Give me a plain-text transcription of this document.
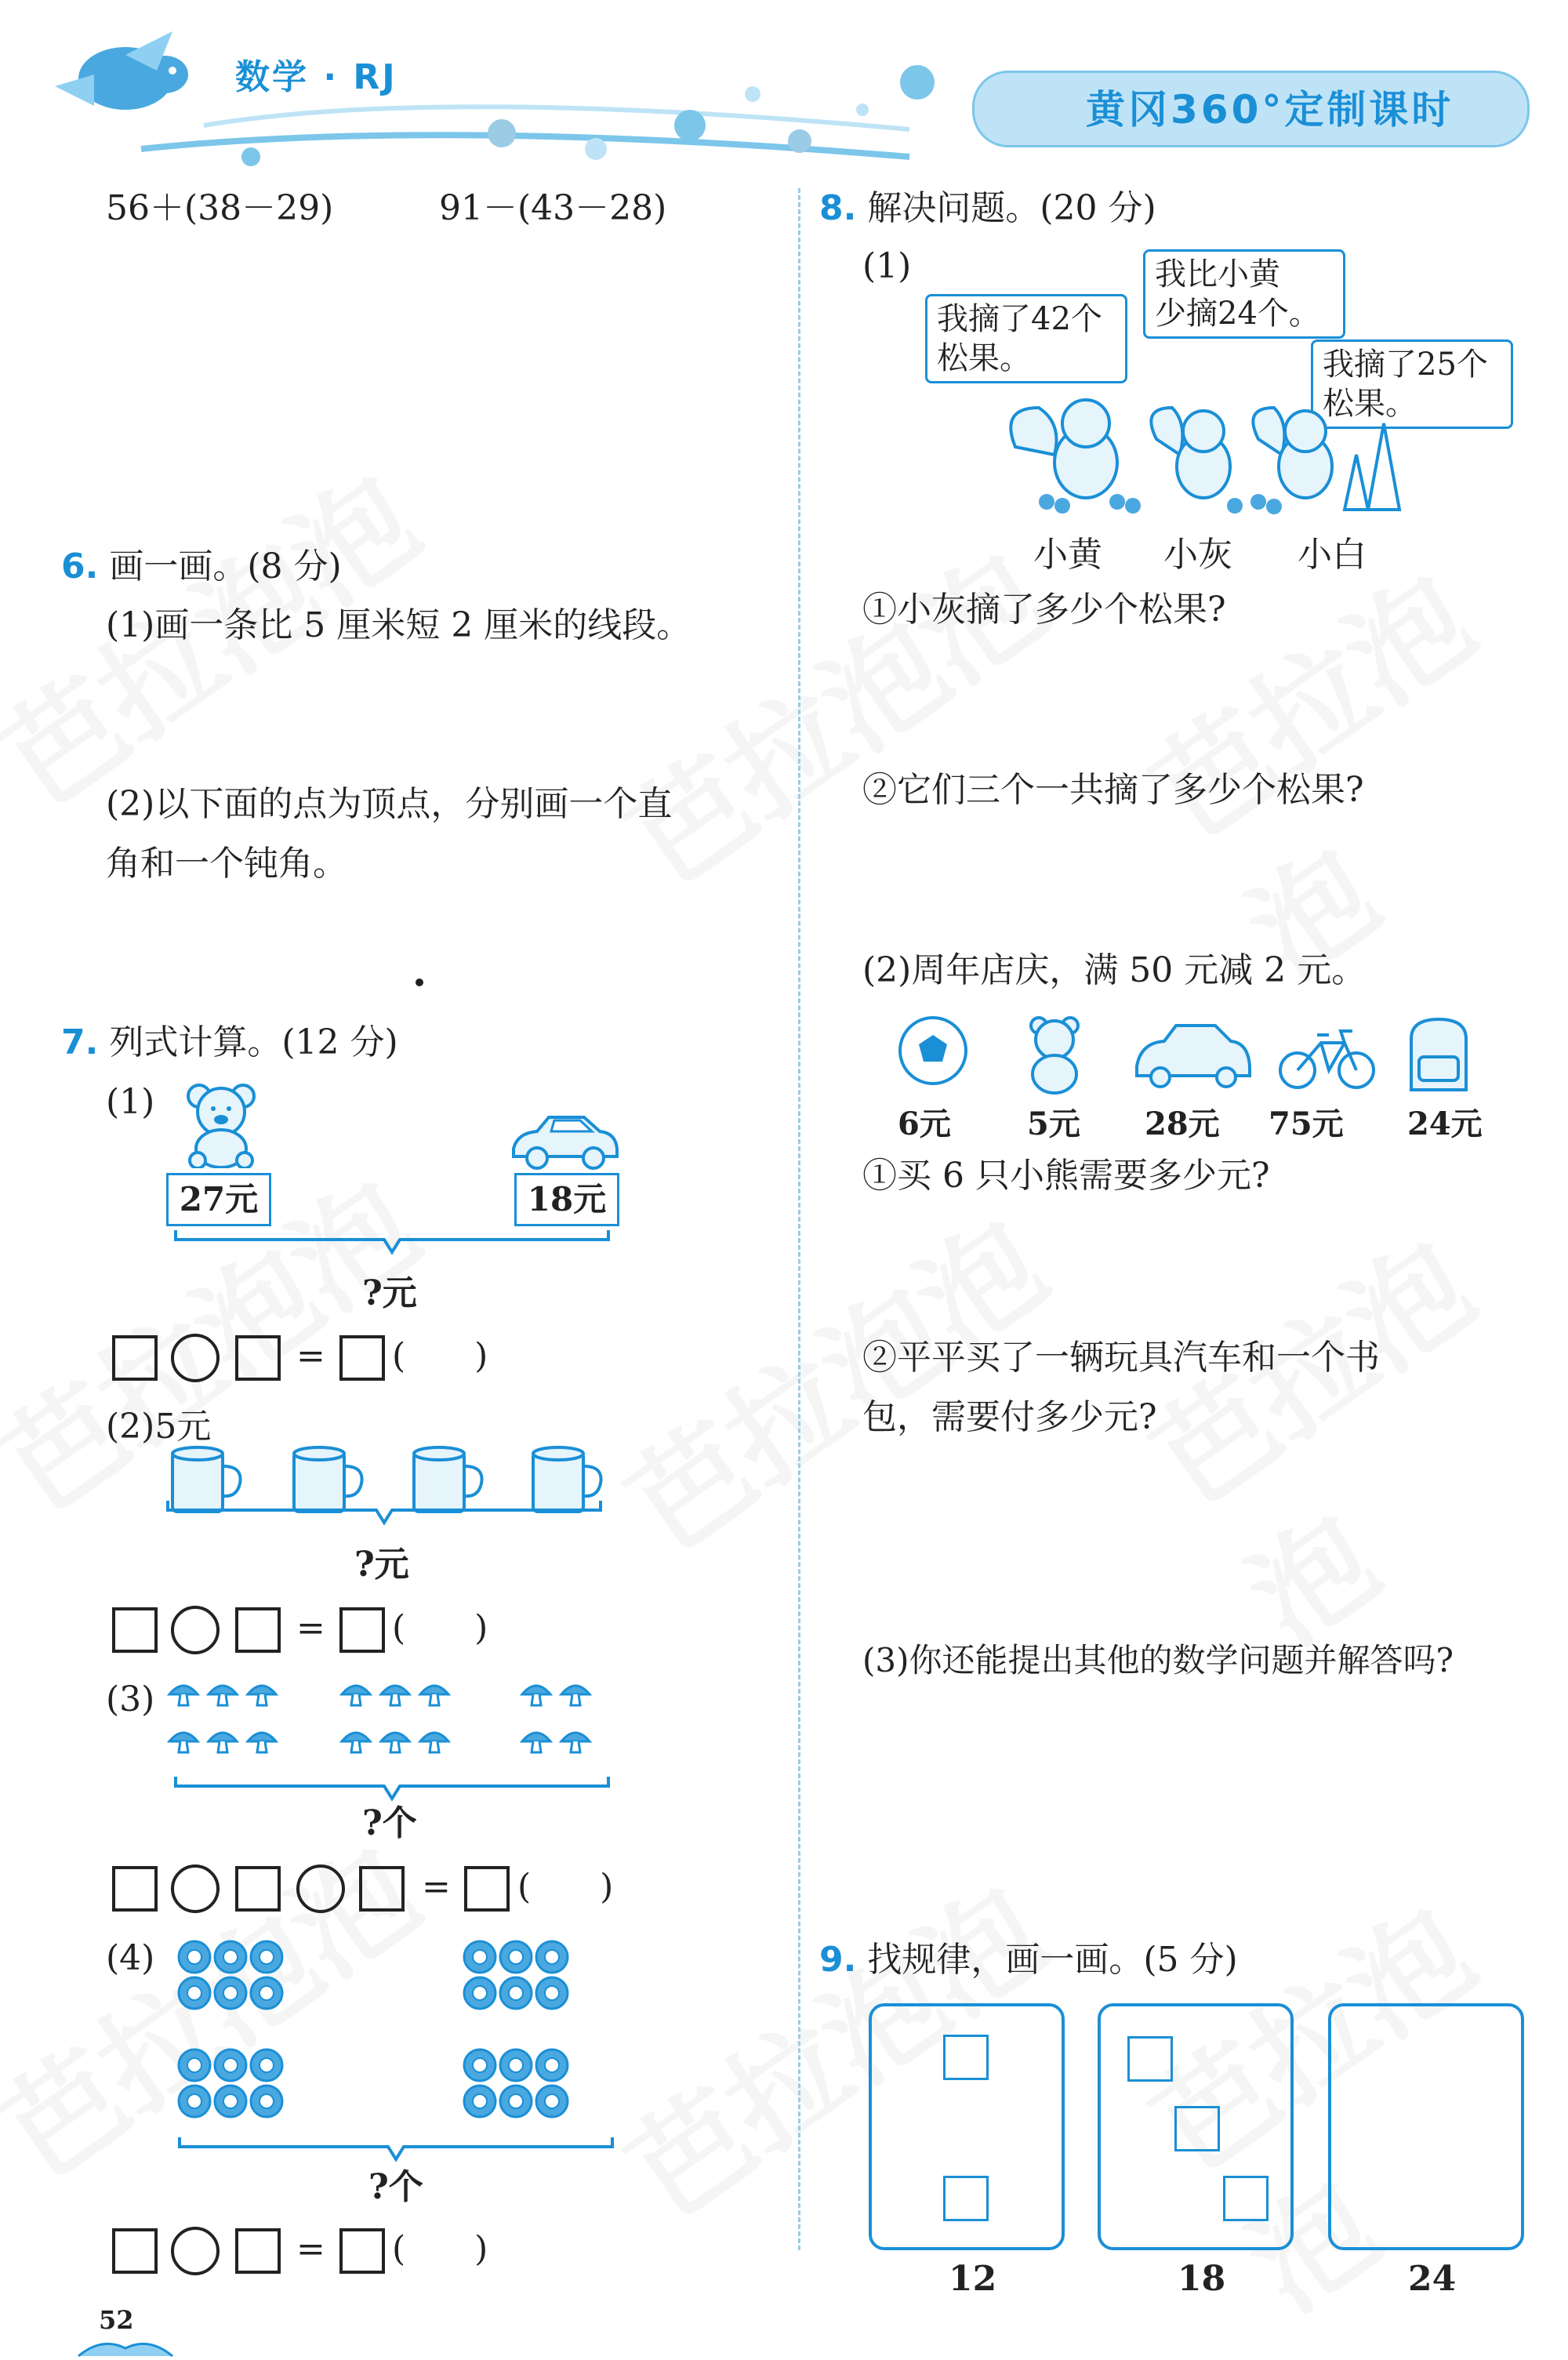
数学 · RJ
黄冈360°定制课时
56＋(38－29)	91－(43－28)
6. 画一画。(8 分)
(1)画一条比 5 厘米短 2 厘米的线段。
(2)以下面的点为顶点，分别画一个直
角和一个钝角。
7. 列式计算。(12 分)
(1)
27元	18元
?元
= (　　)
(2)5元
?元
= (　　)
(3)
?个
= (　　)
(4)
?个
= (　　)
8. 解决问题。(20 分)
(1)
我摘了42个
松果。
我比小黄
少摘24个。
我摘了25个
松果。
小黄 小灰 小白
①小灰摘了多少个松果?
②它们三个一共摘了多少个松果?
(2)周年店庆，满 50 元减 2 元。
6元 5元 28元 75元 24元
①买 6 只小熊需要多少元?
②平平买了一辆玩具汽车和一个书
包，需要付多少元?
(3)你还能提出其他的数学问题并解答吗?
9. 找规律，画一画。(5 分)
12	18	24
52
